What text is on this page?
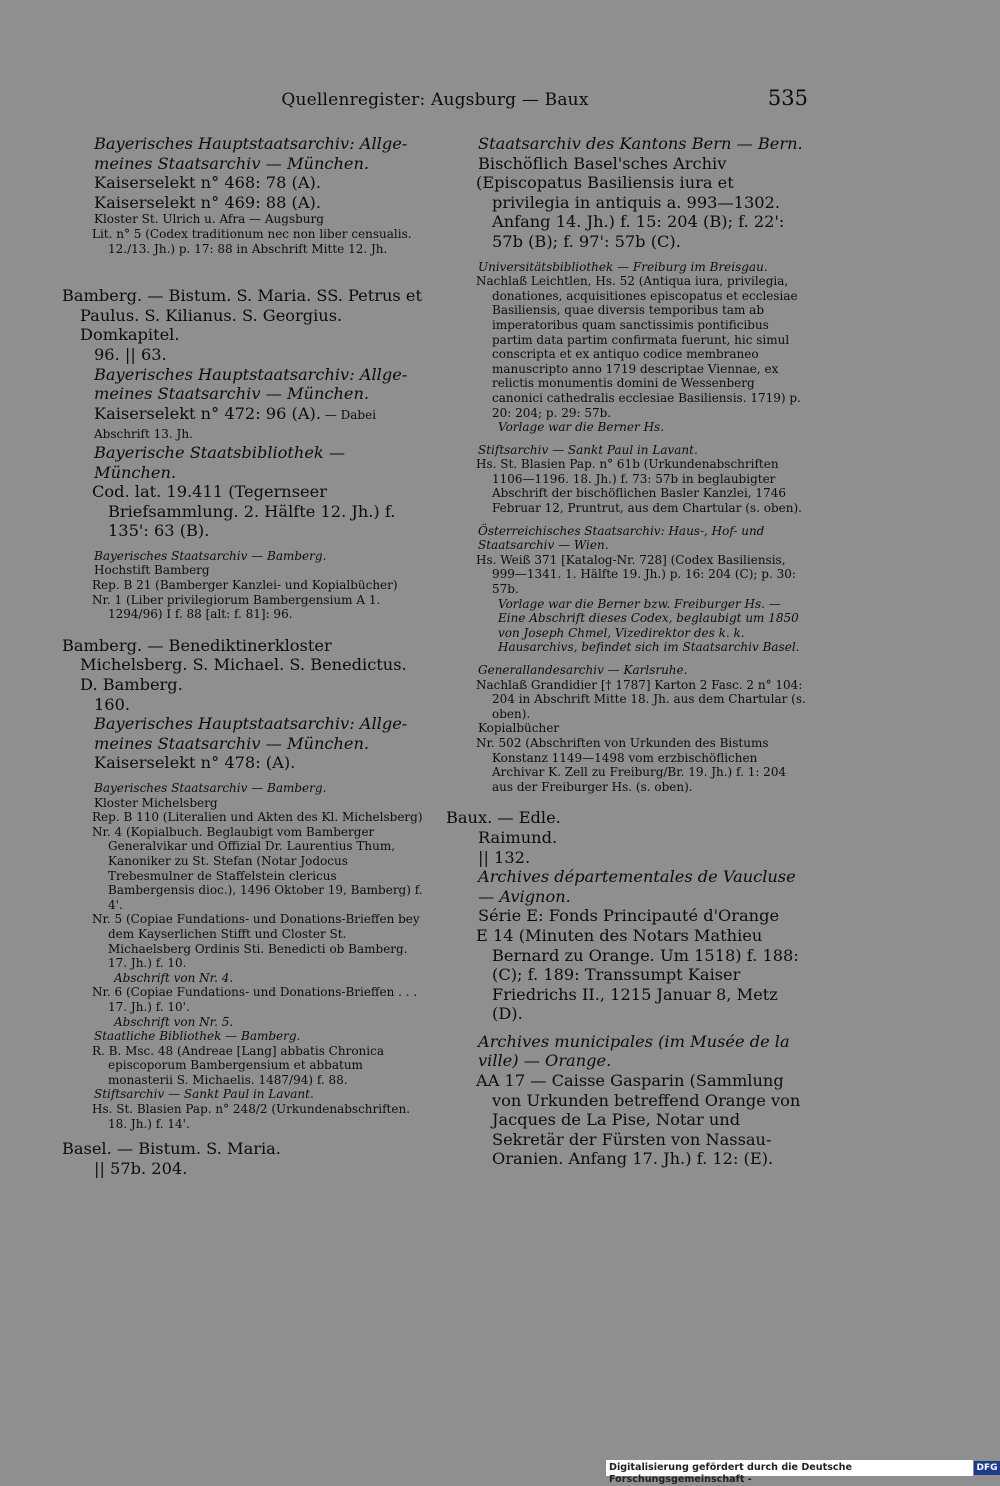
Quellenregister: Augsburg — Baux	535
Bayerisches Hauptstaatsarchiv: Allge-
meines Staatsarchiv — München.
Kaiserselekt n° 468: 78 (A).
Kaiserselekt n° 469: 88 (A).
Kloster St. Ulrich u. Afra — Augsburg
Lit. n° 5 (Codex traditionum nec non liber censualis. 12./13. Jh.) p. 17: 88 in Abschrift Mitte 12. Jh.
Bamberg. — Bistum. S. Maria. SS. Petrus et Paulus. S. Kilianus. S. Georgius. Domkapitel.
96. || 63.
Bayerisches Hauptstaatsarchiv: Allge-
meines Staatsarchiv — München.
Kaiserselekt n° 472: 96 (A). — Dabei Abschrift 13. Jh.
Bayerische Staatsbibliothek — München.
Cod. lat. 19.411 (Tegernseer Briefsammlung. 2. Hälfte 12. Jh.) f. 135': 63 (B).
Bayerisches Staatsarchiv — Bamberg.
Hochstift Bamberg
Rep. B 21 (Bamberger Kanzlei- und Kopialbücher)
Nr. 1 (Liber privilegiorum Bambergensium A 1. 1294/96) I f. 88 [alt: f. 81]: 96.
Bamberg. — Benediktinerkloster Michelsberg. S. Michael. S. Benedictus. D. Bamberg.
160.
Bayerisches Hauptstaatsarchiv: Allge-
meines Staatsarchiv — München.
Kaiserselekt n° 478: (A).
Bayerisches Staatsarchiv — Bamberg.
Kloster Michelsberg
Rep. B 110 (Literalien und Akten des Kl. Michelsberg)
Nr. 4 (Kopialbuch. Beglaubigt vom Bamberger Generalvikar und Offizial Dr. Laurentius Thum, Kanoniker zu St. Stefan (Notar Jodocus Trebesmulner de Staffelstein clericus Bambergensis dioc.), 1496 Oktober 19, Bamberg) f. 4'.
Nr. 5 (Copiae Fundations- und Donations-Brieffen bey dem Kayserlichen Stifft und Closter St. Michaelsberg Ordinis Sti. Benedicti ob Bamberg. 17. Jh.) f. 10.
Abschrift von Nr. 4.
Nr. 6 (Copiae Fundations- und Donations-Brieffen . . . 17. Jh.) f. 10'.
Abschrift von Nr. 5.
Staatliche Bibliothek — Bamberg.
R. B. Msc. 48 (Andreae [Lang] abbatis Chronica episcoporum Bambergensium et abbatum monasterii S. Michaelis. 1487/94) f. 88.
Stiftsarchiv — Sankt Paul in Lavant.
Hs. St. Blasien Pap. n° 248/2 (Urkundenabschriften. 18. Jh.) f. 14'.
Basel. — Bistum. S. Maria.
|| 57b. 204.
Staatsarchiv des Kantons Bern — Bern.
Bischöflich Basel'sches Archiv
(Episcopatus Basiliensis iura et privilegia in antiquis a. 993—1302. Anfang 14. Jh.) f. 15: 204 (B); f. 22': 57b (B); f. 97': 57b (C).
Universitätsbibliothek — Freiburg im Breisgau.
Nachlaß Leichtlen, Hs. 52 (Antiqua iura, privilegia, donationes, acquisitiones episcopatus et ecclesiae Basiliensis, quae diversis temporibus tam ab imperatoribus quam sanctissimis pontificibus partim data partim confirmata fuerunt, hic simul conscripta et ex antiquo codice membraneo manuscripto anno 1719 descriptae Viennae, ex relictis monumentis domini de Wessenberg canonici cathedralis ecclesiae Basiliensis. 1719) p. 20: 204; p. 29: 57b.
Vorlage war die Berner Hs.
Stiftsarchiv — Sankt Paul in Lavant.
Hs. St. Blasien Pap. n° 61b (Urkundenabschriften 1106—1196. 18. Jh.) f. 73: 57b in beglaubigter Abschrift der bischöflichen Basler Kanzlei, 1746 Februar 12, Pruntrut, aus dem Chartular (s. oben).
Österreichisches Staatsarchiv: Haus-, Hof- und Staatsarchiv — Wien.
Hs. Weiß 371 [Katalog-Nr. 728] (Codex Basiliensis, 999—1341. 1. Hälfte 19. Jh.) p. 16: 204 (C); p. 30: 57b.
Vorlage war die Berner bzw. Freiburger Hs. — Eine Abschrift dieses Codex, beglaubigt um 1850 von Joseph Chmel, Vizedirektor des k. k. Hausarchivs, befindet sich im Staatsarchiv Basel.
Generallandesarchiv — Karlsruhe.
Nachlaß Grandidier [† 1787] Karton 2 Fasc. 2 n° 104: 204 in Abschrift Mitte 18. Jh. aus dem Chartular (s. oben).
Kopialbücher
Nr. 502 (Abschriften von Urkunden des Bistums Konstanz 1149—1498 vom erzbischöflichen Archivar K. Zell zu Freiburg/Br. 19. Jh.) f. 1: 204 aus der Freiburger Hs. (s. oben).
Baux. — Edle.
Raimund.
|| 132.
Archives départementales de Vaucluse — Avignon.
Série E: Fonds Principauté d'Orange
E 14 (Minuten des Notars Mathieu Bernard zu Orange. Um 1518) f. 188: (C); f. 189: Transsumpt Kaiser Friedrichs II., 1215 Januar 8, Metz (D).
Archives municipales (im Musée de la ville) — Orange.
AA 17 — Caisse Gasparin (Sammlung von Urkunden betreffend Orange von Jacques de La Pise, Notar und Sekretär der Fürsten von Nassau-Oranien. Anfang 17. Jh.) f. 12: (E).
Digitalisierung gefördert durch die Deutsche Forschungsgemeinschaft -
DFG
